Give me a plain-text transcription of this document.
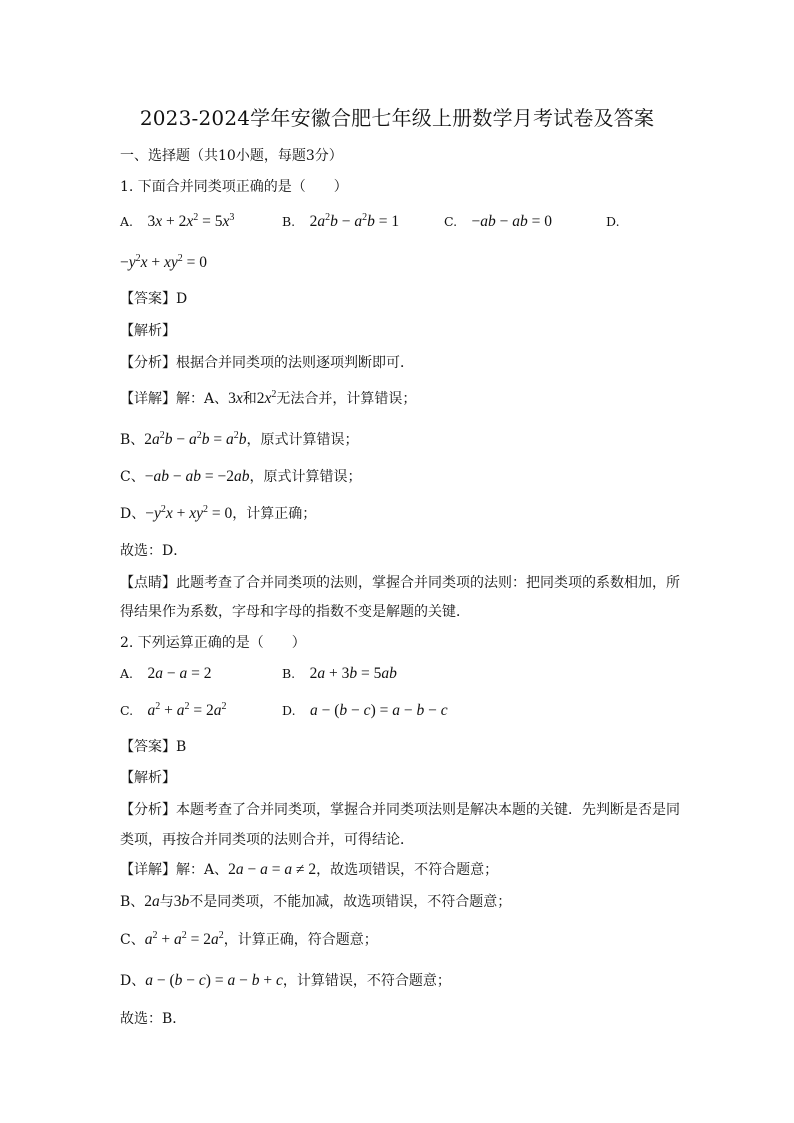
2023-2024学年安徽合肥七年级上册数学月考试卷及答案
一、选择题（共10小题，每题3分）
1. 下面合并同类项正确的是（　　）
A. $3x + 2x^2 = 5x^3$	B. $2a^2b - a^2b = 1$	C. −ab − ab = 0	D.
$-y^2x + xy^2 = 0$
【答案】D
【解析】
【分析】根据合并同类项的法则逐项判断即可．
【详解】解：A、3x和$2x^2$无法合并，计算错误；
B、$2a^2b - a^2b = a^2b$，原式计算错误；
C、−ab − ab = −2ab，原式计算错误；
D、$-y^2x + xy^2 = 0$，计算正确；
故选：D．
【点睛】此题考查了合并同类项的法则，掌握合并同类项的法则：把同类项的系数相加，所
得结果作为系数，字母和字母的指数不变是解题的关键．
2. 下列运算正确的是（　　）
A. 2a − a = 2	B. 2a + 3b = 5ab
C. $a^2 + a^2 = 2a^2$	D. a − (b − c) = a − b − c
【答案】B
【解析】
【分析】本题考查了合并同类项，掌握合并同类项法则是解决本题的关键．先判断是否是同
类项，再按合并同类项的法则合并，可得结论．
【详解】解：A、2a − a = a ≠ 2，故选项错误，不符合题意；
B、2a与3b不是同类项，不能加减，故选项错误，不符合题意；
C、$a^2 + a^2 = 2a^2$，计算正确，符合题意；
D、a − (b − c) = a − b + c，计算错误，不符合题意；
故选：B．
